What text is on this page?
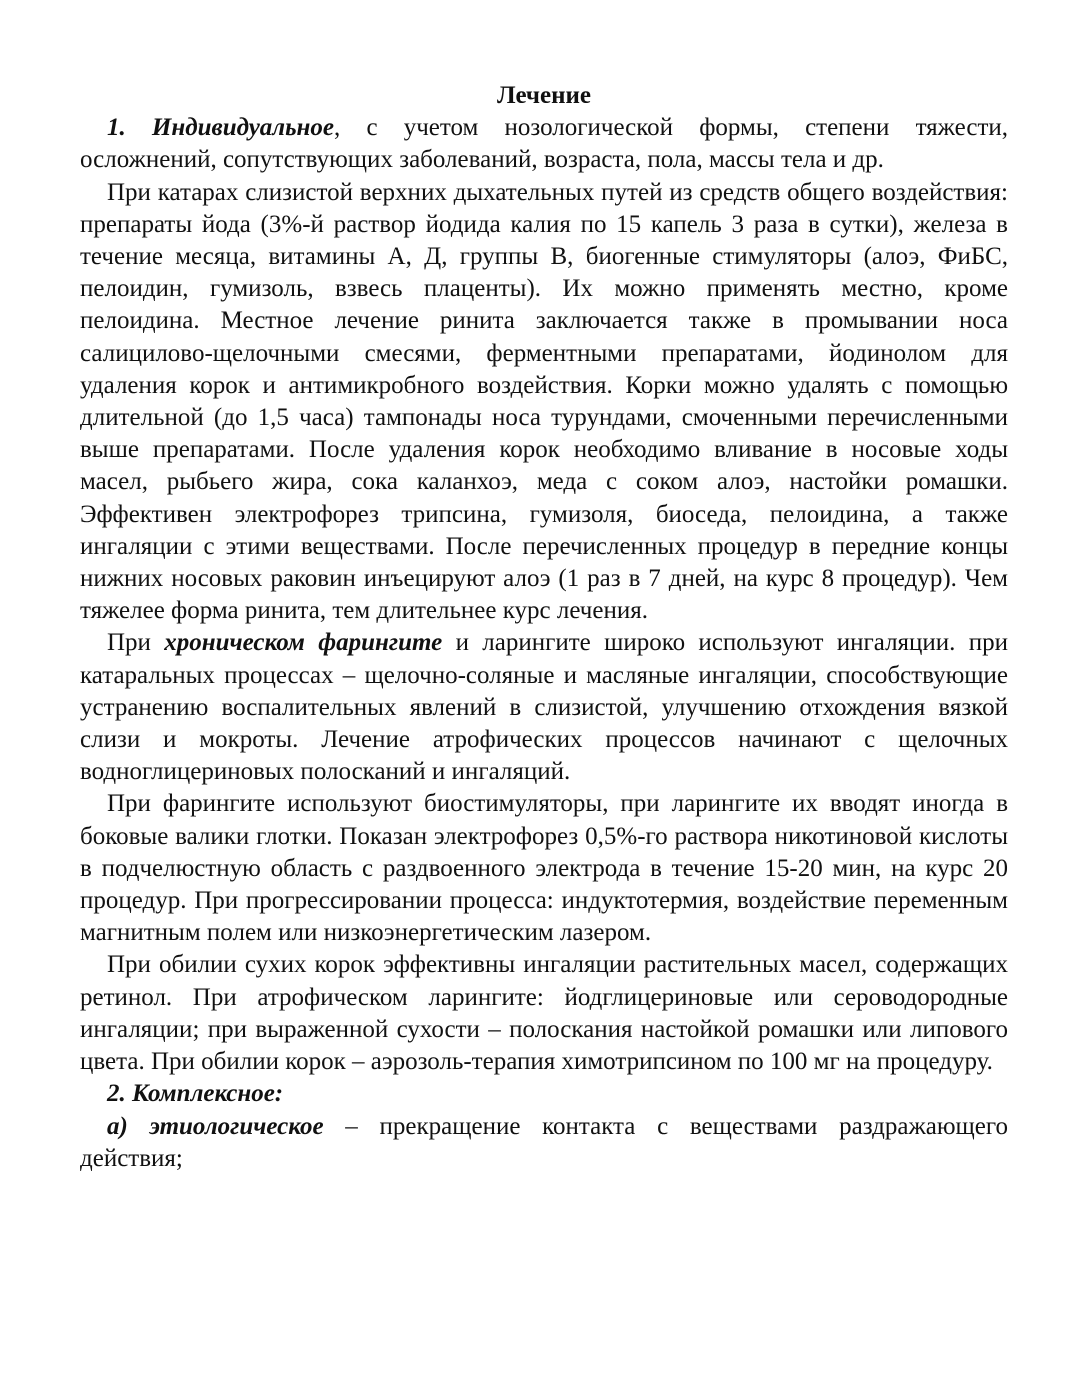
Лечение

1. Индивидуальное, с учетом нозологической формы, степени тяжести, осложнений, сопутствующих заболеваний, возраста, пола, массы тела и др.

При катарах слизистой верхних дыхательных путей из средств общего воздействия: препараты йода (3%-й раствор йодида калия по 15 капель 3 раза в сутки), железа в течение месяца, витамины А, Д, группы В, биогенные стимуляторы (алоэ, ФиБС, пелоидин, гумизоль, взвесь плаценты). Их можно применять местно, кроме пелоидина. Местное лечение ринита заключается также в промывании носа салицилово-щелочными смесями, ферментными препаратами, йодинолом для удаления корок и антимикробного воздействия. Корки можно удалять с помощью длительной (до 1,5 часа) тампонады носа турундами, смоченными перечисленными выше препаратами. После удаления корок необходимо вливание в носовые ходы масел, рыбьего жира, сока каланхоэ, меда с соком алоэ, настойки ромашки. Эффективен электрофорез трипсина, гумизоля, биоседа, пелоидина, а также ингаляции с этими веществами. После перечисленных процедур в передние концы нижних носовых раковин инъецируют алоэ (1 раз в 7 дней, на курс 8 процедур). Чем тяжелее форма ринита, тем длительнее курс лечения.

При хроническом фарингите и ларингите широко используют ингаляции. при катаральных процессах – щелочно-соляные и масляные ингаляции, способствующие устранению воспалительных явлений в слизистой, улучшению отхождения вязкой слизи и мокроты. Лечение атрофических процессов начинают с щелочных водноглицериновых полосканий и ингаляций.

При фарингите используют биостимуляторы, при ларингите их вводят иногда в боковые валики глотки. Показан электрофорез 0,5%-го раствора никотиновой кислоты в подчелюстную область с раздвоенного электрода в течение 15-20 мин, на курс 20 процедур. При прогрессировании процесса: индуктотермия, воздействие переменным магнитным полем или низкоэнергетическим лазером.

При обилии сухих корок эффективны ингаляции растительных масел, содержащих ретинол. При атрофическом ларингите: йодглицериновые или сероводородные ингаляции; при выраженной сухости – полоскания настойкой ромашки или липового цвета. При обилии корок – аэрозоль-терапия химотрипсином по 100 мг на процедуру.

2. Комплексное:

а) этиологическое – прекращение контакта с веществами раздражающего действия;
